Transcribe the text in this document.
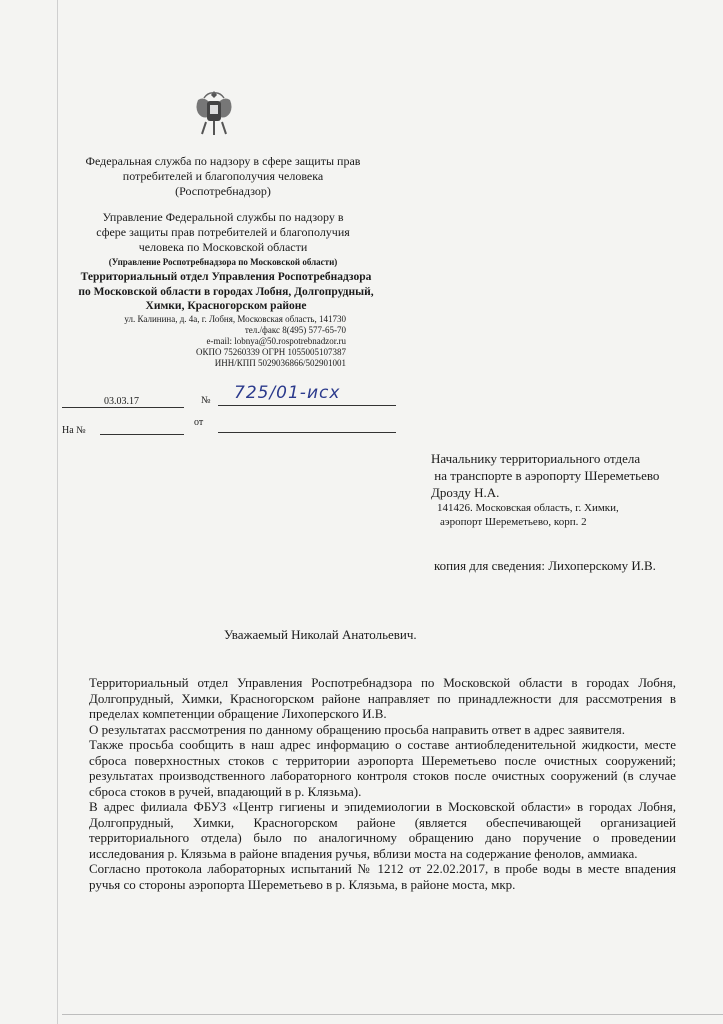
Федеральная служба по надзору в сфере защиты прав
потребителей и благополучия человека
(Роспотребнадзор)
Управление Федеральной службы по надзору в
сфере защиты прав потребителей и благополучия
человека по Московской области
(Управление Роспотребнадзора по Московской области)
Территориальный отдел Управления Роспотребнадзора
по Московской области в городах Лобня, Долгопрудный,
Химки, Красногорском районе
ул. Калинина, д. 4а, г. Лобня, Московская область, 141730
тел./факс 8(495) 577-65-70
e-mail: lobnya@50.rospotrebnadzor.ru
ОКПО 75260339 ОГРН 1055005107387
ИНН/КПП 5029036866/502901001
03.03.17	№ 725/01-исх
На №
от
Начальнику территориального отдела
на транспорте в аэропорту Шереметьево
Дрозду Н.А.
141426. Московская область, г. Химки,
аэропорт Шереметьево, корп. 2
копия для сведения: Лихоперскому И.В.
Уважаемый Николай Анатольевич.

Территориальный отдел Управления Роспотребнадзора по Московской области в городах Лобня, Долгопрудный, Химки, Красногорском районе направляет по принадлежности для рассмотрения в пределах компетенции обращение Лихоперского И.В.

О результатах рассмотрения по данному обращению просьба направить ответ в адрес заявителя.

Также просьба сообщить в наш адрес информацию о составе антиобледенительной жидкости, месте сброса поверхностных стоков с территории аэропорта Шереметьево после очистных сооружений; результатах производственного лабораторного контроля стоков после очистных сооружений (в случае сброса стоков в ручей, впадающий в р. Клязьма).

В адрес филиала ФБУЗ «Центр гигиены и эпидемиологии в Московской области» в городах Лобня, Долгопрудный, Химки, Красногорском районе (является обеспечивающей организацией территориального отдела) было по аналогичному обращению дано поручение о проведении исследования р. Клязьма в районе впадения ручья, вблизи моста на содержание фенолов, аммиака.

Согласно протокола лабораторных испытаний № 1212 от 22.02.2017, в пробе воды в месте впадения ручья со стороны аэропорта Шереметьево в р. Клязьма, в районе моста, мкр.
